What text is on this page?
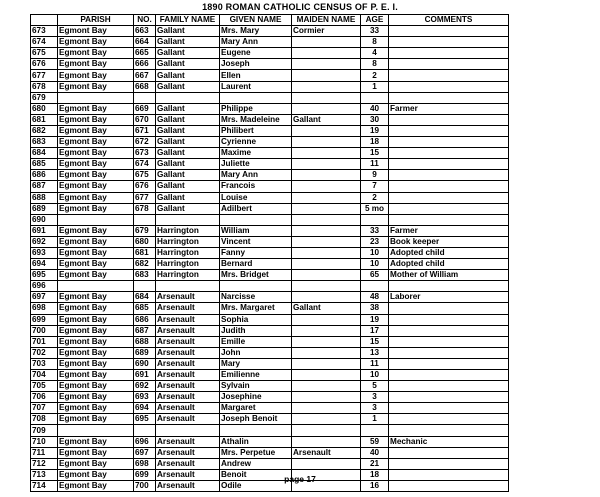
1890 ROMAN CATHOLIC CENSUS OF P. E. I.
	PARISH	NO.	FAMILY NAME	GIVEN NAME	MAIDEN NAME	AGE	COMMENTS
673	Egmont Bay	663	Gallant	Mrs. Mary	Cormier	33	
674	Egmont Bay	664	Gallant	Mary Ann		8	
675	Egmont Bay	665	Gallant	Eugene		4	
676	Egmont Bay	666	Gallant	Joseph		8	
677	Egmont Bay	667	Gallant	Ellen		2	
678	Egmont Bay	668	Gallant	Laurent		1	
679							
680	Egmont Bay	669	Gallant	Philippe		40	Farmer
681	Egmont Bay	670	Gallant	Mrs. Madeleine	Gallant	30	
682	Egmont Bay	671	Gallant	Philibert		19	
683	Egmont Bay	672	Gallant	Cyrienne		18	
684	Egmont Bay	673	Gallant	Maxime		15	
685	Egmont Bay	674	Gallant	Juliette		11	
686	Egmont Bay	675	Gallant	Mary Ann		9	
687	Egmont Bay	676	Gallant	Francois		7	
688	Egmont Bay	677	Gallant	Louise		2	
689	Egmont Bay	678	Gallant	Adilbert		5 mo	
690							
691	Egmont Bay	679	Harrington	William		33	Farmer
692	Egmont Bay	680	Harrington	Vincent		23	Book keeper
693	Egmont Bay	681	Harrington	Fanny		10	Adopted child
694	Egmont Bay	682	Harrington	Bernard		10	Adopted child
695	Egmont Bay	683	Harrington	Mrs. Bridget		65	Mother of William
696							
697	Egmont Bay	684	Arsenault	Narcisse		48	Laborer
698	Egmont Bay	685	Arsenault	Mrs. Margaret	Gallant	38	
699	Egmont Bay	686	Arsenault	Sophia		19	
700	Egmont Bay	687	Arsenault	Judith		17	
701	Egmont Bay	688	Arsenault	Emille		15	
702	Egmont Bay	689	Arsenault	John		13	
703	Egmont Bay	690	Arsenault	Mary		11	
704	Egmont Bay	691	Arsenault	Emilienne		10	
705	Egmont Bay	692	Arsenault	Sylvain		5	
706	Egmont Bay	693	Arsenault	Josephine		3	
707	Egmont Bay	694	Arsenault	Margaret		3	
708	Egmont Bay	695	Arsenault	Joseph Benoit		1	
709							
710	Egmont Bay	696	Arsenault	Athalin		59	Mechanic
711	Egmont Bay	697	Arsenault	Mrs. Perpetue	Arsenault	40	
712	Egmont Bay	698	Arsenault	Andrew		21	
713	Egmont Bay	699	Arsenault	Benoit		18	
714	Egmont Bay	700	Arsenault	Odile		16	
page 17
